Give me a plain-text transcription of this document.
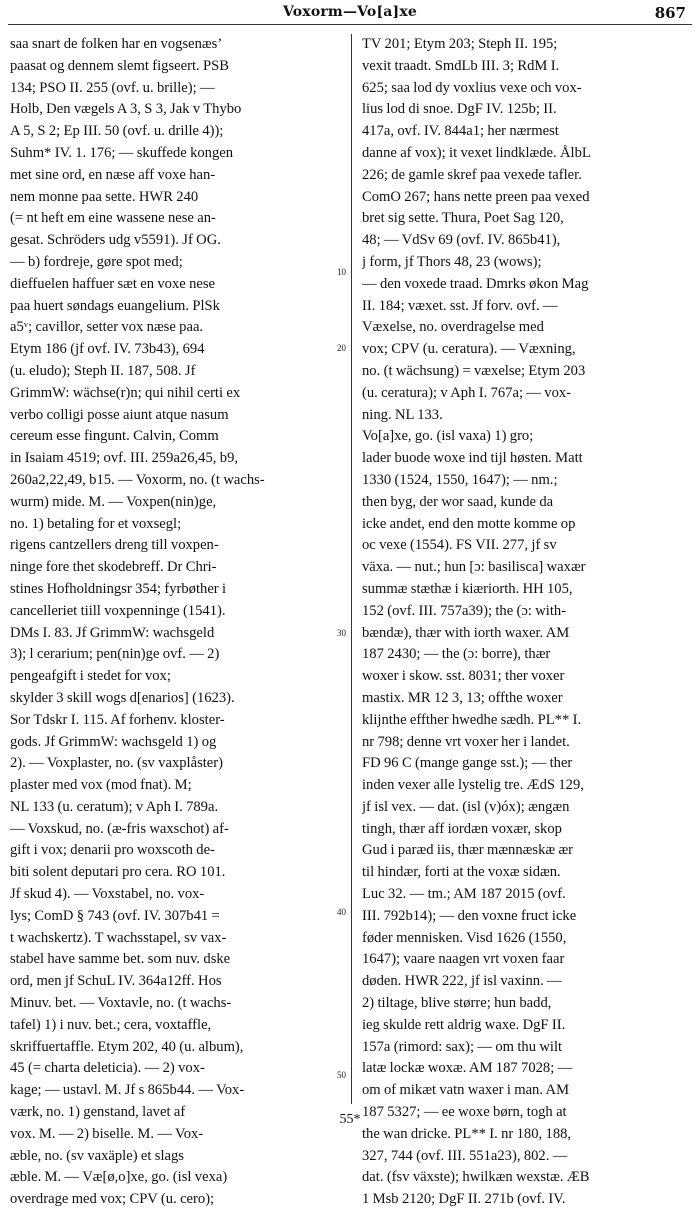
Voxorm—Vo[a]xe	867
saa snart de folken har en vogsenæs’
paasat og dennem slemt figseert. PSB
134; PSO II. 255 (ovf. u. brille); —
Holb, Den vægels A 3, S 3, Jak v Thybo
A 5, S 2; Ep III. 50 (ovf. u. drille 4));
Suhm* IV. 1. 176; — skuffede kongen
met sine ord, en næse aff voxe han-
nem monne paa sette. HWR 240
(= nt heft em eine wassene nese an-
gesat. Schröders udg v5591). Jf OG.
— b) fordreje, gøre spot med;
dieffuelen haffuer sæt en voxe nese
paa huert søndags euangelium. PlSk
a5ᵛ; cavillor, setter vox næse paa.
Etym 186 (jf ovf. IV. 73b43), 694
(u. eludo); Steph II. 187, 508. Jf
GrimmW: wächse(r)n; qui nihil certi ex
verbo colligi posse aiunt atque nasum
cereum esse fingunt. Calvin, Comm
in Isaiam 4519; ovf. III. 259a26,45, b9,
260a2,22,49, b15. — Voxorm, no. (t wachs-
wurm) mide. M. — Voxpen(nin)ge,
no. 1) betaling for et voxsegl;
rigens cantzellers dreng till voxpen-
ninge fore thet skodebreff. Dr Chri-
stines Hofholdningsr 354; fyrbøther i
cancelleriet tiill voxpenninge (1541).
DMs I. 83. Jf GrimmW: wachsgeld
3); l cerarium; pen(nin)ge ovf. — 2)
pengeafgift i stedet for vox;
skylder 3 skill wogs d[enarios] (1623).
Sor Tdskr I. 115. Af forhenv. kloster-
gods. Jf GrimmW: wachsgeld 1) og
2). — Voxplaster, no. (sv vaxplåster)
plaster med vox (mod fnat). M;
NL 133 (u. ceratum); v Aph I. 789a.
— Voxskud, no. (æ-fris waxschot) af-
gift i vox; denarii pro woxscoth de-
biti solent deputari pro cera. RO 101.
Jf skud 4). — Voxstabel, no. vox-
lys; ComD § 743 (ovf. IV. 307b41 =
t wachskertz). T wachsstapel, sv vax-
stabel have samme bet. som nuv. dske
ord, men jf SchuL IV. 364a12ff. Hos
Minuv. bet. — Voxtavle, no. (t wachs-
tafel) 1) i nuv. bet.; cera, voxtaffle,
skriffuertaffle. Etym 202, 40 (u. album),
45 (= charta deleticia). — 2) vox-
kage; — ustavl. M. Jf s 865b44. — Vox-
værk, no. 1) genstand, lavet af
vox. M. — 2) biselle. M. — Vox-
æble, no. (sv vaxäple) et slags
æble. M. — Væ[ø,o]xe, go. (isl vexa)
overdrage med vox; CPV (u. cero);
10
20
30
40
50
TV 201; Etym 203; Steph II. 195;
vexit traadt. SmdLb III. 3; RdM I.
625; saa lod dy voxlius vexe och vox-
lius lod di snoe. DgF IV. 125b; II.
417a, ovf. IV. 844a1; her nærmest
danne af vox); it vexet lindklæde. ÅlbL
226; de gamle skref paa vexede tafler.
ComO 267; hans nette preen paa vexed
bret sig sette. Thura, Poet Sag 120,
48; — VdSv 69 (ovf. IV. 865b41),
j form, jf Thors 48, 23 (wows);
— den voxede traad. Dmrks økon Mag
II. 184; væxet. sst. Jf forv. ovf. —
Væxelse, no. overdragelse med
vox; CPV (u. ceratura). — Væxning,
no. (t wächsung) = væxelse; Etym 203
(u. ceratura); v Aph I. 767a; — vox-
ning. NL 133.
Vo[a]xe, go. (isl vaxa) 1) gro;
lader buode woxe ind tijl høsten. Matt
1330 (1524, 1550, 1647); — nm.;
then byg, der wor saad, kunde da
icke andet, end den motte komme op
oc vexe (1554). FS VII. 277, jf sv
växa. — nut.; hun [ɔ: basilisca] waxær
summæ stæthæ i kiæriorth. HH 105,
152 (ovf. III. 757a39); the (ɔ: with-
bændæ), thær with iorth waxer. AM
187 2430; — the (ɔ: borre), thær
woxer i skow. sst. 8031; ther voxer
mastix. MR 12 3, 13; offthe woxer
klijnthe effther hwedhe sædh. PL** I.
nr 798; denne vrt voxer her i landet.
FD 96 C (mange gange sst.); — ther
inden vexer alle lystelig tre. ÆdS 129,
jf isl vex. — dat. (isl (v)óx); ængæn
tingh, thær aff iordæn voxær, skop
Gud i paræd iis, thær mænnæskæ ær
til hindær, forti at the voxæ sidæn.
Luc 32. — tm.; AM 187 2015 (ovf.
III. 792b14); — den voxne fruct icke
føder mennisken. Visd 1626 (1550,
1647); vaare naagen vrt voxen faar
døden. HWR 222, jf isl vaxinn. —
2) tiltage, blive større; hun badd,
ieg skulde rett aldrig waxe. DgF II.
157a (rimord: sax); — om thu wilt
latæ lockæ woxæ. AM 187 7028; —
om of mikæt vatn waxer i man. AM
187 5327; — ee woxe børn, togh at
the wan dricke. PL** I. nr 180, 188,
327, 744 (ovf. III. 551a23), 802. —
dat. (fsv växste); hwilkæn wexstæ. ÆB
1 Msb 2120; DgF II. 271b (ovf. IV.
55*
